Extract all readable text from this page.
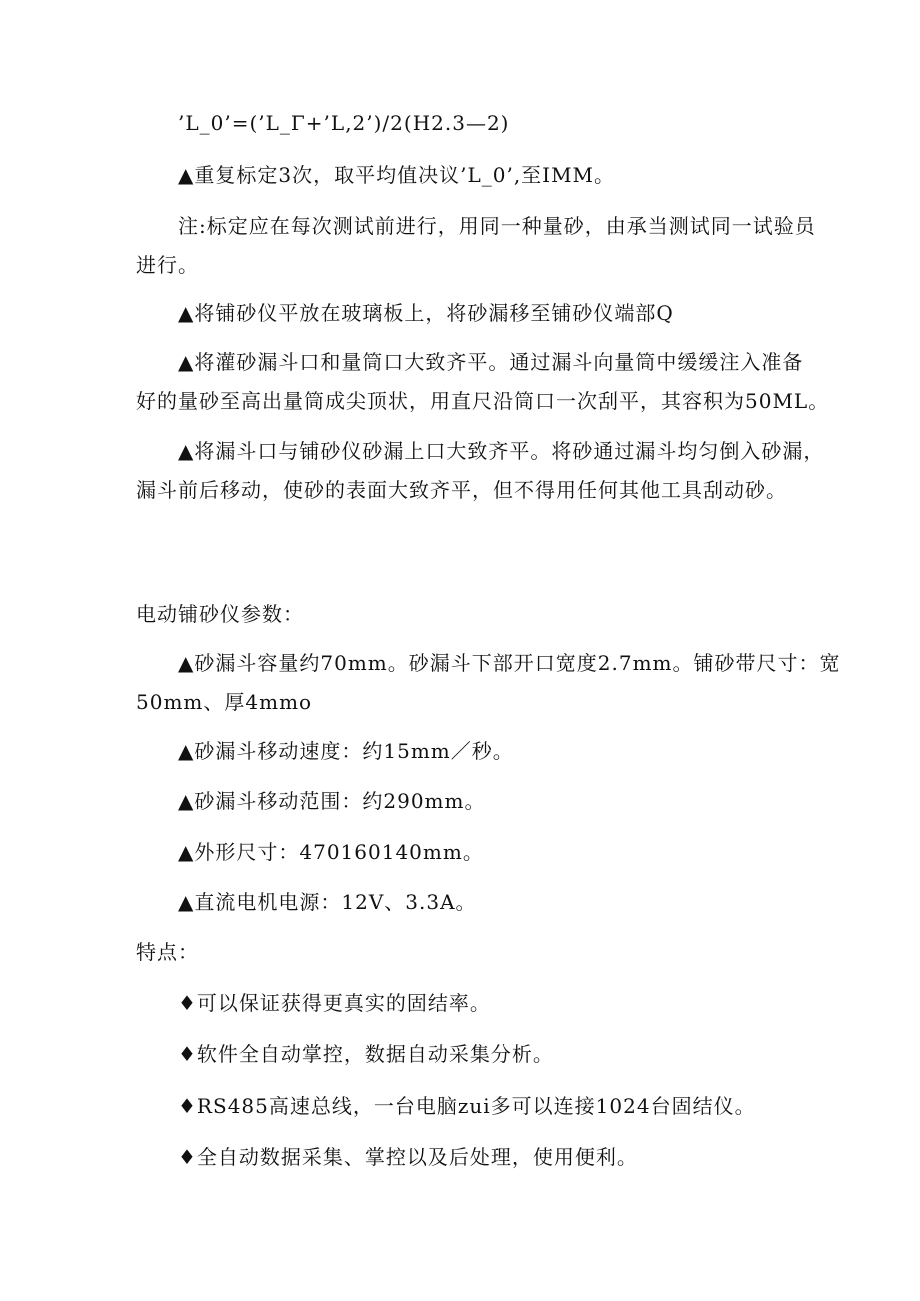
’L_0’=(’L_Γ+’L,2’)/2(H2.3—2)
▲重复标定3次，取平均值决议’L_0’,至IMM。
注:标定应在每次测试前进行，用同一种量砂，由承当测试同一试验员
进行。
▲将铺砂仪平放在玻璃板上，将砂漏移至铺砂仪端部Q
▲将灌砂漏斗口和量筒口大致齐平。通过漏斗向量筒中缓缓注入准备
好的量砂至高出量筒成尖顶状，用直尺沿筒口一次刮平，其容积为50ML。
▲将漏斗口与铺砂仪砂漏上口大致齐平。将砂通过漏斗均匀倒入砂漏，
漏斗前后移动，使砂的表面大致齐平，但不得用任何其他工具刮动砂。
电动铺砂仪参数：
▲砂漏斗容量约70mm。砂漏斗下部开口宽度2.7mm。铺砂带尺寸：宽
50mm、厚4mmo
▲砂漏斗移动速度：约15mm／秒。
▲砂漏斗移动范围：约290mm。
▲外形尺寸：470160140mm。
▲直流电机电源：12V、3.3A。
特点：
♦可以保证获得更真实的固结率。
♦软件全自动掌控，数据自动采集分析。
♦RS485高速总线，一台电脑zui多可以连接1024台固结仪。
♦全自动数据采集、掌控以及后处理，使用便利。
